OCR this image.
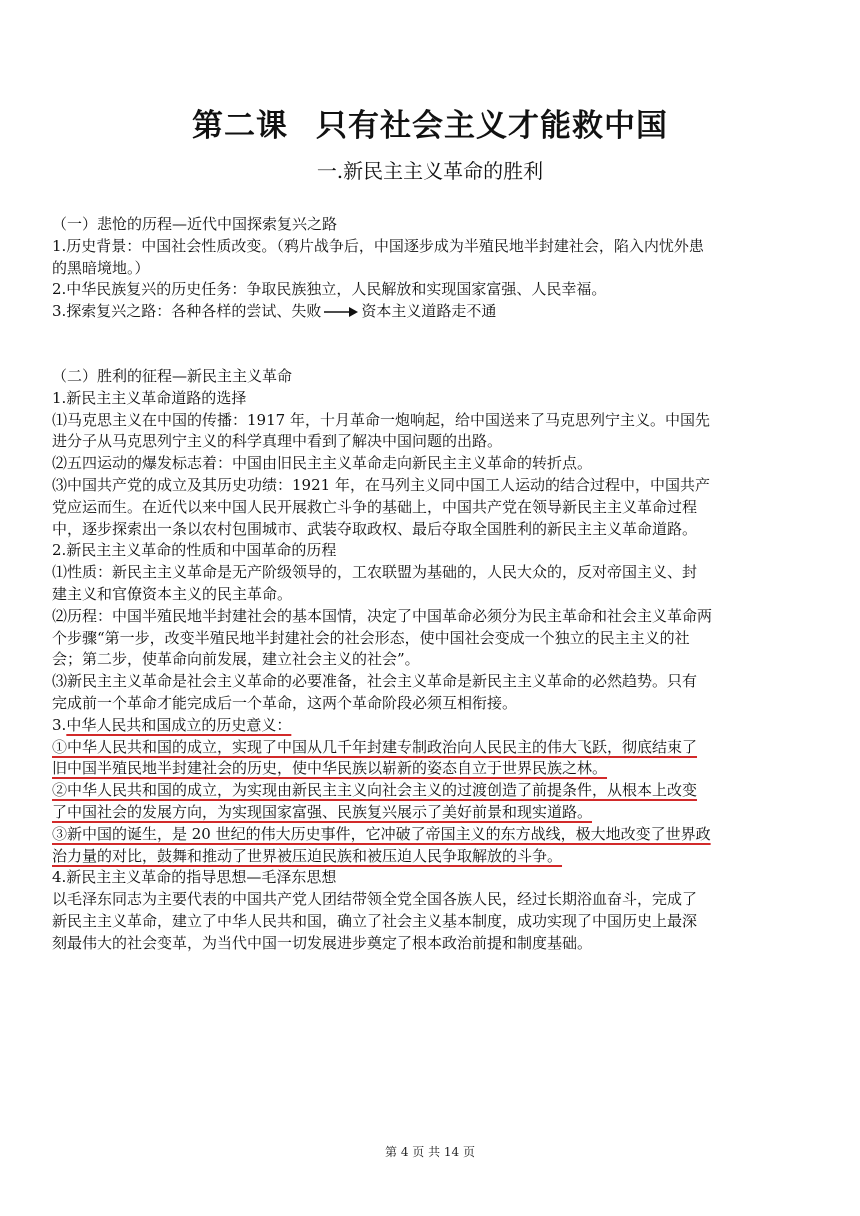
第二课 只有社会主义才能救中国
一.新民主主义革命的胜利
（一）悲怆的历程—近代中国探索复兴之路
1.历史背景：中国社会性质改变。（鸦片战争后，中国逐步成为半殖民地半封建社会，陷入内忧外患
的黑暗境地。）
2.中华民族复兴的历史任务：争取民族独立，人民解放和实现国家富强、人民幸福。
3.探索复兴之路：各种各样的尝试、失败	资本主义道路走不通
（二）胜利的征程—新民主主义革命
1.新民主主义革命道路的选择
⑴马克思主义在中国的传播：1917 年，十月革命一炮响起，给中国送来了马克思列宁主义。中国先
进分子从马克思列宁主义的科学真理中看到了解决中国问题的出路。
⑵五四运动的爆发标志着：中国由旧民主主义革命走向新民主主义革命的转折点。
⑶中国共产党的成立及其历史功绩：1921 年，在马列主义同中国工人运动的结合过程中，中国共产
党应运而生。在近代以来中国人民开展救亡斗争的基础上，中国共产党在领导新民主主义革命过程
中，逐步探索出一条以农村包围城市、武装夺取政权、最后夺取全国胜利的新民主主义革命道路。
2.新民主主义革命的性质和中国革命的历程
⑴性质：新民主主义革命是无产阶级领导的，工农联盟为基础的，人民大众的，反对帝国主义、封
建主义和官僚资本主义的民主革命。
⑵历程：中国半殖民地半封建社会的基本国情，决定了中国革命必须分为民主革命和社会主义革命两
个步骤“第一步，改变半殖民地半封建社会的社会形态，使中国社会变成一个独立的民主主义的社
会；第二步，使革命向前发展，建立社会主义的社会”。
⑶新民主主义革命是社会主义革命的必要准备，社会主义革命是新民主主义革命的必然趋势。只有
完成前一个革命才能完成后一个革命，这两个革命阶段必须互相衔接。
3.中华人民共和国成立的历史意义：
①中华人民共和国的成立，实现了中国从几千年封建专制政治向人民民主的伟大飞跃，彻底结束了
旧中国半殖民地半封建社会的历史，使中华民族以崭新的姿态自立于世界民族之林。
②中华人民共和国的成立，为实现由新民主主义向社会主义的过渡创造了前提条件，从根本上改变
了中国社会的发展方向，为实现国家富强、民族复兴展示了美好前景和现实道路。
③新中国的诞生，是 20 世纪的伟大历史事件，它冲破了帝国主义的东方战线，极大地改变了世界政
治力量的对比，鼓舞和推动了世界被压迫民族和被压迫人民争取解放的斗争。
4.新民主主义革命的指导思想—毛泽东思想
以毛泽东同志为主要代表的中国共产党人团结带领全党全国各族人民，经过长期浴血奋斗，完成了
新民主主义革命，建立了中华人民共和国，确立了社会主义基本制度，成功实现了中国历史上最深
刻最伟大的社会变革，为当代中国一切发展进步奠定了根本政治前提和制度基础。
第 4 页 共 14 页
